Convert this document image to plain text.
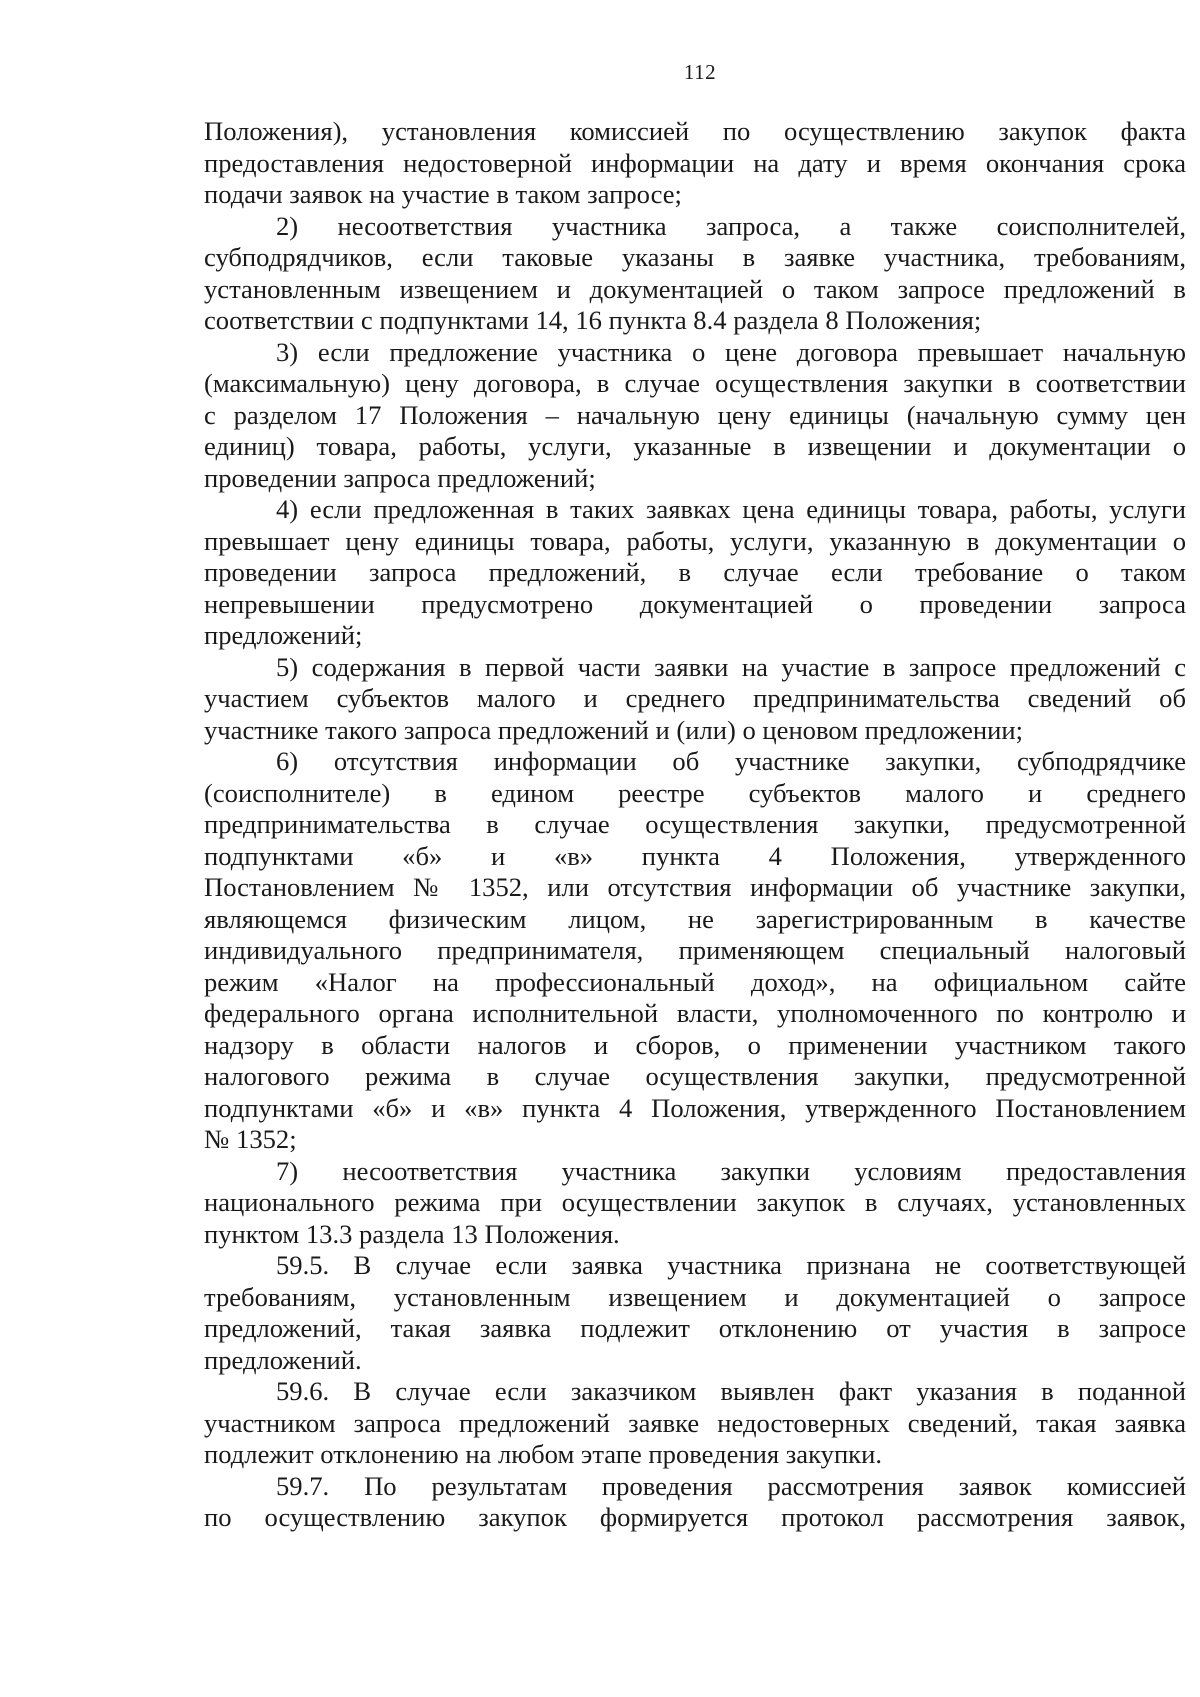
112

Положения), установления комиссией по осуществлению закупок факта

предоставления недостоверной информации на дату и время окончания срока

подачи заявок на участие в таком запросе;

2) несоответствия участника запроса, а также соисполнителей,

субподрядчиков, если таковые указаны в заявке участника, требованиям,

установленным извещением и документацией о таком запросе предложений в

соответствии с подпунктами 14, 16 пункта 8.4 раздела 8 Положения;

3) если предложение участника о цене договора превышает начальную

(максимальную) цену договора, в случае осуществления закупки в соответствии

с разделом 17 Положения – начальную цену единицы (начальную сумму цен

единиц) товара, работы, услуги, указанные в извещении и документации о

проведении запроса предложений;

4) если предложенная в таких заявках цена единицы товара, работы, услуги

превышает цену единицы товара, работы, услуги, указанную в документации о

проведении запроса предложений, в случае если требование о таком

непревышении предусмотрено документацией о проведении запроса

предложений;

5) содержания в первой части заявки на участие в запросе предложений с

участием субъектов малого и среднего предпринимательства сведений об

участнике такого запроса предложений и (или) о ценовом предложении;

6) отсутствия информации об участнике закупки, субподрядчике

(соисполнителе) в едином реестре субъектов малого и среднего

предпринимательства в случае осуществления закупки, предусмотренной

подпунктами «б» и «в» пункта 4 Положения, утвержденного

Постановлением № 1352, или отсутствия информации об участнике закупки,

являющемся физическим лицом, не зарегистрированным в качестве

индивидуального предпринимателя, применяющем специальный налоговый

режим «Налог на профессиональный доход», на официальном сайте

федерального органа исполнительной власти, уполномоченного по контролю и

надзору в области налогов и сборов, о применении участником такого

налогового режима в случае осуществления закупки, предусмотренной

подпунктами «б» и «в» пункта 4 Положения, утвержденного Постановлением

№ 1352;

7) несоответствия участника закупки условиям предоставления

национального режима при осуществлении закупок в случаях, установленных

пунктом 13.3 раздела 13 Положения.

59.5. В случае если заявка участника признана не соответствующей

требованиям, установленным извещением и документацией о запросе

предложений, такая заявка подлежит отклонению от участия в запросе

предложений.

59.6. В случае если заказчиком выявлен факт указания в поданной

участником запроса предложений заявке недостоверных сведений, такая заявка

подлежит отклонению на любом этапе проведения закупки.

59.7. По результатам проведения рассмотрения заявок комиссией

по осуществлению закупок формируется протокол рассмотрения заявок,
